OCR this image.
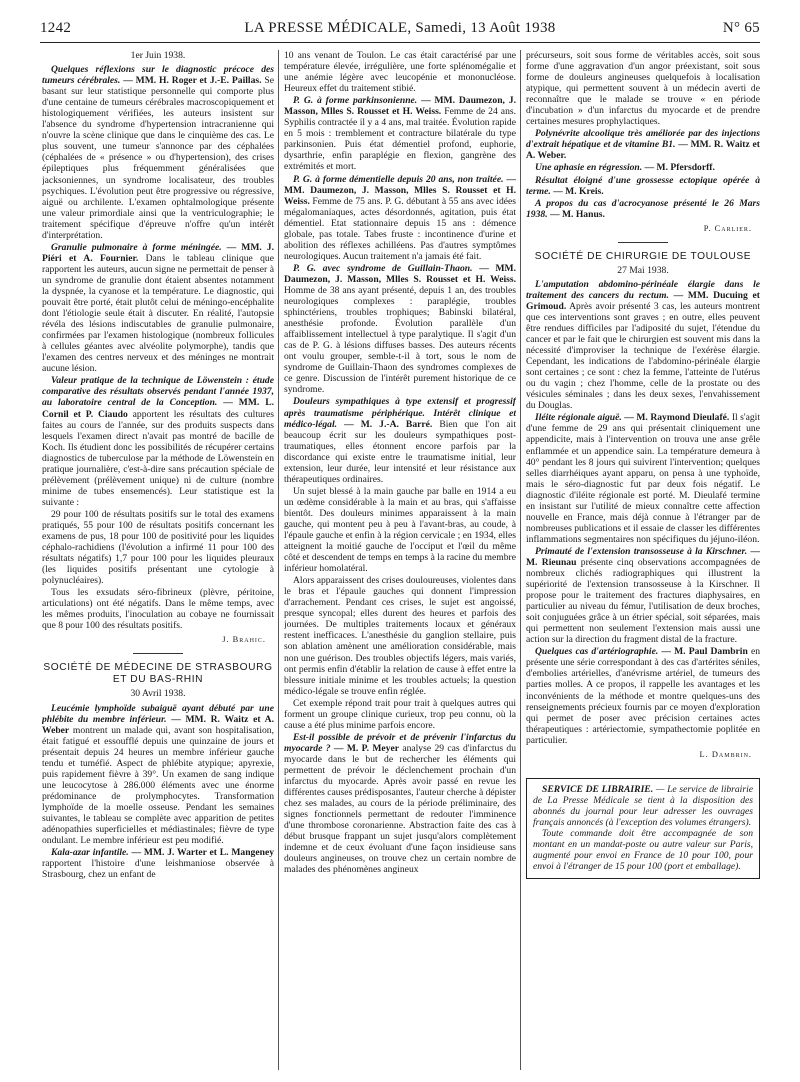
1242	LA PRESSE MÉDICALE, Samedi, 13 Août 1938	N° 65

1er Juin 1938.

Quelques réflexions sur le diagnostic précoce des tumeurs cérébrales. — MM. H. Roger et J.-E. Paillas. Se basant sur leur statistique personnelle qui comporte plus d'une centaine de tumeurs cérébrales macroscopiquement et histologiquement vérifiées, les auteurs insistent sur l'absence du syndrome d'hypertension intracranienne qui n'ouvre la scène clinique que dans le cinquième des cas. Le plus souvent, une tumeur s'annonce par des céphalées (céphalées de « présence » ou d'hypertension), des crises épileptiques plus fréquemment généralisées que jacksoniennes, un syndrome localisateur, des troubles psychiques. L'évolution peut être progressive ou régressive, aiguë ou archilente. L'examen ophtalmologique présente une valeur primordiale ainsi que la ventriculographie; le traitement spécifique d'épreuve n'offre qu'un intérêt d'interprétation.

Granulie pulmonaire à forme méningée. — MM. J. Piéri et A. Fournier. Dans le tableau clinique que rapportent les auteurs, aucun signe ne permettait de penser à un syndrome de granulie dont étaient absentes notamment la dyspnée, la cyanose et la température. Le diagnostic, qui pouvait être porté, était plutôt celui de méningo-encéphalite dont l'étiologie seule était à discuter. En réalité, l'autopsie révéla des lésions indiscutables de granulie pulmonaire, confirmées par l'examen histologique (nombreux follicules à cellules géantes avec alvéolite polymorphe), tandis que l'examen des centres nerveux et des méninges ne montrait aucune lésion.

Valeur pratique de la technique de Löwenstein : étude comparative des résultats observés pendant l'année 1937, au laboratoire central de la Conception. — MM. L. Cornil et P. Ciaudo apportent les résultats des cultures faites au cours de l'année, sur des produits suspects dans lesquels l'examen direct n'avait pas montré de bacille de Koch. Ils étudient donc les possibilités de récupérer certains diagnostics de tuberculose par la méthode de Löwenstein en pratique journalière, c'est-à-dire sans précaution spéciale de prélèvement (prélèvement unique) ni de culture (nombre minime de tubes ensemencés). Leur statistique est la suivante :

29 pour 100 de résultats positifs sur le total des examens pratiqués, 55 pour 100 de résultats positifs concernant les examens de pus, 18 pour 100 de positivité pour les liquides céphalo-rachidiens (l'évolution a infirmé 11 pour 100 des résultats négatifs) 1,7 pour 100 pour les liquides pleuraux (les liquides positifs présentant une cytologie à polynucléaires).

Tous les exsudats séro-fibrineux (plèvre, péritoine, articulations) ont été négatifs. Dans le même temps, avec les mêmes produits, l'inoculation au cobaye ne fournissait que 8 pour 100 des résultats positifs.

J. Brahic.

SOCIÉTÉ DE MÉDECINE DE STRASBOURG ET DU BAS-RHIN

30 Avril 1938.

Leucémie lymphoïde subaiguë ayant débuté par une phlébite du membre inférieur. — MM. R. Waitz et A. Weber montrent un malade qui, avant son hospitalisation, était fatigué et essoufflé depuis une quinzaine de jours et présentait depuis 24 heures un membre inférieur gauche tendu et tuméfié. Aspect de phlébite atypique; apyrexie, puis rapidement fièvre à 39°. Un examen de sang indique une leucocytose à 286.000 éléments avec une énorme prédominance de prolymphocytes. Transformation lymphoïde de la moelle osseuse. Pendant les semaines suivantes, le tableau se complète avec apparition de petites adénopathies superficielles et médiastinales; fièvre de type ondulant. Le membre inférieur est peu modifié.

Kala-azar infantile. — MM. J. Warter et L. Mangeney rapportent l'histoire d'une leishmaniose observée à Strasbourg, chez un enfant de

10 ans venant de Toulon. Le cas était caractérisé par une température élevée, irrégulière, une forte splénomégalie et une anémie légère avec leucopénie et mononucléose. Heureux effet du traitement stibié.

P. G. à forme parkinsonienne. — MM. Daumezon, J. Masson, Mlles S. Rousset et H. Weiss. Femme de 24 ans. Syphilis contractée il y a 4 ans, mal traitée. Évolution rapide en 5 mois : tremblement et contracture bilatérale du type parkinsonien. Puis état démentiel profond, euphorie, dysarthrie, enfin paraplégie en flexion, gangrène des extrémités et mort.

P. G. à forme démentielle depuis 20 ans, non traitée. — MM. Daumezon, J. Masson, Mlles S. Rousset et H. Weiss. Femme de 75 ans. P. G. débutant à 55 ans avec idées mégalomaniaques, actes désordonnés, agitation, puis état démentiel. Etat stationnaire depuis 15 ans : démence globale, pas totale. Tabes fruste : incontinence d'urine et abolition des réflexes achilléens. Pas d'autres symptômes neurologiques. Aucun traitement n'a jamais été fait.

P. G. avec syndrome de Guillain-Thaon. — MM. Daumezon, J. Masson, Mlles S. Rousset et H. Weiss. Homme de 38 ans ayant présenté, depuis 1 an, des troubles neurologiques complexes : paraplégie, troubles sphinctériens, troubles trophiques; Babinski bilatéral, anesthésie profonde. Évolution parallèle d'un affaiblissement intellectuel à type paralytique. Il s'agit d'un cas de P. G. à lésions diffuses basses. Des auteurs récents ont voulu grouper, semble-t-il à tort, sous le nom de syndrome de Guillain-Thaon des syndromes complexes de ce genre. Discussion de l'intérêt purement historique de ce syndrome.

Douleurs sympathiques à type extensif et progressif après traumatisme périphérique. Intérêt clinique et médico-légal. — M. J.-A. Barré. Bien que l'on ait beaucoup écrit sur les douleurs sympathiques post-traumatiques, elles étonnent encore parfois par la discordance qui existe entre le traumatisme initial, leur extension, leur durée, leur intensité et leur résistance aux thérapeutiques ordinaires.

Un sujet blessé à la main gauche par balle en 1914 a eu un œdème considérable à la main et au bras, qui s'affaisse bientôt. Des douleurs minimes apparaissent à la main gauche, qui montent peu à peu à l'avant-bras, au coude, à l'épaule gauche et enfin à la région cervicale ; en 1934, elles atteignent la moitié gauche de l'occiput et l'œil du même côté et descendent de temps en temps à la racine du membre inférieur homolatéral.

Alors apparaissent des crises douloureuses, violentes dans le bras et l'épaule gauches qui donnent l'impression d'arrachement. Pendant ces crises, le sujet est angoissé, presque syncopal; elles durent des heures et parfois des journées. De multiples traitements locaux et généraux restent inefficaces. L'anesthésie du ganglion stellaire, puis son ablation amènent une amélioration considérable, mais non une guérison. Des troubles objectifs légers, mais variés, ont permis enfin d'établir la relation de cause à effet entre la blessure initiale minime et les troubles actuels; la question médico-légale se trouve enfin réglée.

Cet exemple répond trait pour trait à quelques autres qui forment un groupe clinique curieux, trop peu connu, où la cause a été plus minime parfois encore.

Est-il possible de prévoir et de prévenir l'infarctus du myocarde ? — M. P. Meyer analyse 29 cas d'infarctus du myocarde dans le but de rechercher les éléments qui permettent de prévoir le déclenchement prochain d'un infarctus du myocarde. Après avoir passé en revue les différentes causes prédisposantes, l'auteur cherche à dépister chez ses malades, au cours de la période préliminaire, des signes fonctionnels permettant de redouter l'imminence d'une thrombose coronarienne. Abstraction faite des cas à début brusque frappant un sujet jusqu'alors complètement indemne et de ceux évoluant d'une façon insidieuse sans douleurs angineuses, on trouve chez un certain nombre de malades des phénomènes angineux

précurseurs, soit sous forme de véritables accès, soit sous forme d'une aggravation d'un angor préexistant, soit sous forme de douleurs angineuses quelquefois à localisation atypique, qui permettent souvent à un médecin averti de reconnaître que le malade se trouve « en période d'incubation » d'un infarctus du myocarde et de prendre certaines mesures prophylactiques.

Polynévrite alcoolique très améliorée par des injections d'extrait hépatique et de vitamine B1. — MM. R. Waitz et A. Weber.

Une aphasie en régression. — M. Pfersdorff.

Résultat éloigné d'une grossesse ectopique opérée à terme. — M. Kreis.

A propos du cas d'acrocyanose présenté le 26 Mars 1938. — M. Hanus.

P. Carlier.

SOCIÉTÉ DE CHIRURGIE DE TOULOUSE

27 Mai 1938.

L'amputation abdomino-périnéale élargie dans le traitement des cancers du rectum. — MM. Ducuing et Grimoud. Après avoir présenté 3 cas, les auteurs montrent que ces interventions sont graves ; en outre, elles peuvent être rendues difficiles par l'adiposité du sujet, l'étendue du cancer et par le fait que le chirurgien est souvent mis dans la nécessité d'improviser la technique de l'exérèse élargie. Cependant, les indications de l'abdomino-périnéale élargie sont certaines ; ce sont : chez la femme, l'atteinte de l'utérus ou du vagin ; chez l'homme, celle de la prostate ou des vésicules séminales ; dans les deux sexes, l'envahissement du Douglas.

Iléite régionale aiguë. — M. Raymond Dieulafé. Il s'agit d'une femme de 29 ans qui présentait cliniquement une appendicite, mais à l'intervention on trouva une anse grêle enflammée et un appendice sain. La température demeura à 40° pendant les 8 jours qui suivirent l'intervention; quelques selles diarrhéiques ayant apparu, on pensa à une typhoïde, mais le séro-diagnostic fut par deux fois négatif. Le diagnostic d'iléite régionale est porté. M. Dieulafé termine en insistant sur l'utilité de mieux connaître cette affection nouvelle en France, mais déjà connue à l'étranger par de nombreuses publications et il essaie de classer les différentes inflammations segmentaires non spécifiques du jéjuno-iléon.

Primauté de l'extension transosseuse à la Kirschner. — M. Rieunau présente cinq observations accompagnées de nombreux clichés radiographiques qui illustrent la supériorité de l'extension transosseuse à la Kirschner. Il propose pour le traitement des fractures diaphysaires, en particulier au niveau du fémur, l'utilisation de deux broches, soit conjuguées grâce à un étrier spécial, soit séparées, mais qui permettent non seulement l'extension mais aussi une action sur la direction du fragment distal de la fracture.

Quelques cas d'artériographie. — M. Paul Dambrin en présente une série correspondant à des cas d'artérites séniles, d'embolies artérielles, d'anévrisme artériel, de tumeurs des parties molles. A ce propos, il rappelle les avantages et les inconvénients de la méthode et montre quelques-uns des renseignements précieux fournis par ce moyen d'exploration qui permet de poser avec précision certaines actes thérapeutiques : artériectomie, sympathectomie poplitée en particulier.

L. Dambrin.

SERVICE DE LIBRAIRIE. — Le service de librairie de La Presse Médicale se tient à la disposition des abonnés du journal pour leur adresser les ouvrages français annoncés (à l'exception des volumes étrangers).

Toute commande doit être accompagnée de son montant en un mandat-poste ou autre valeur sur Paris, augmenté pour envoi en France de 10 pour 100, pour envoi à l'étranger de 15 pour 100 (port et emballage).
